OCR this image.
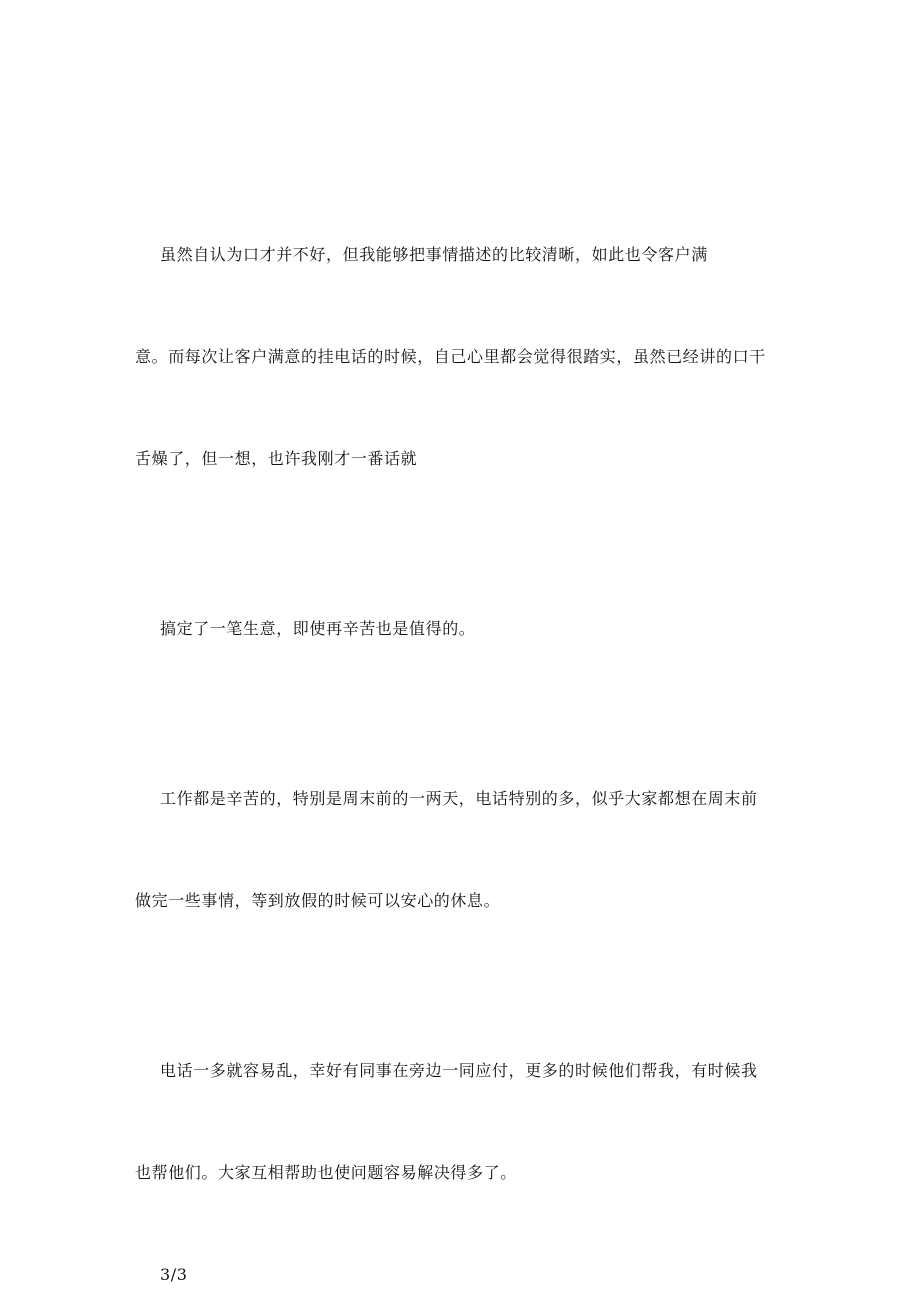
虽然自认为口才并不好，但我能够把事情描述的比较清晰，如此也令客户满

意。而每次让客户满意的挂电话的时候，自己心里都会觉得很踏实，虽然已经讲的口干

舌燥了，但一想，也许我刚才一番话就

搞定了一笔生意，即使再辛苦也是值得的。

工作都是辛苦的，特别是周末前的一两天，电话特别的多，似乎大家都想在周末前

做完一些事情，等到放假的时候可以安心的休息。

电话一多就容易乱，幸好有同事在旁边一同应付，更多的时候他们帮我，有时候我

也帮他们。大家互相帮助也使问题容易解决得多了。

3/3
